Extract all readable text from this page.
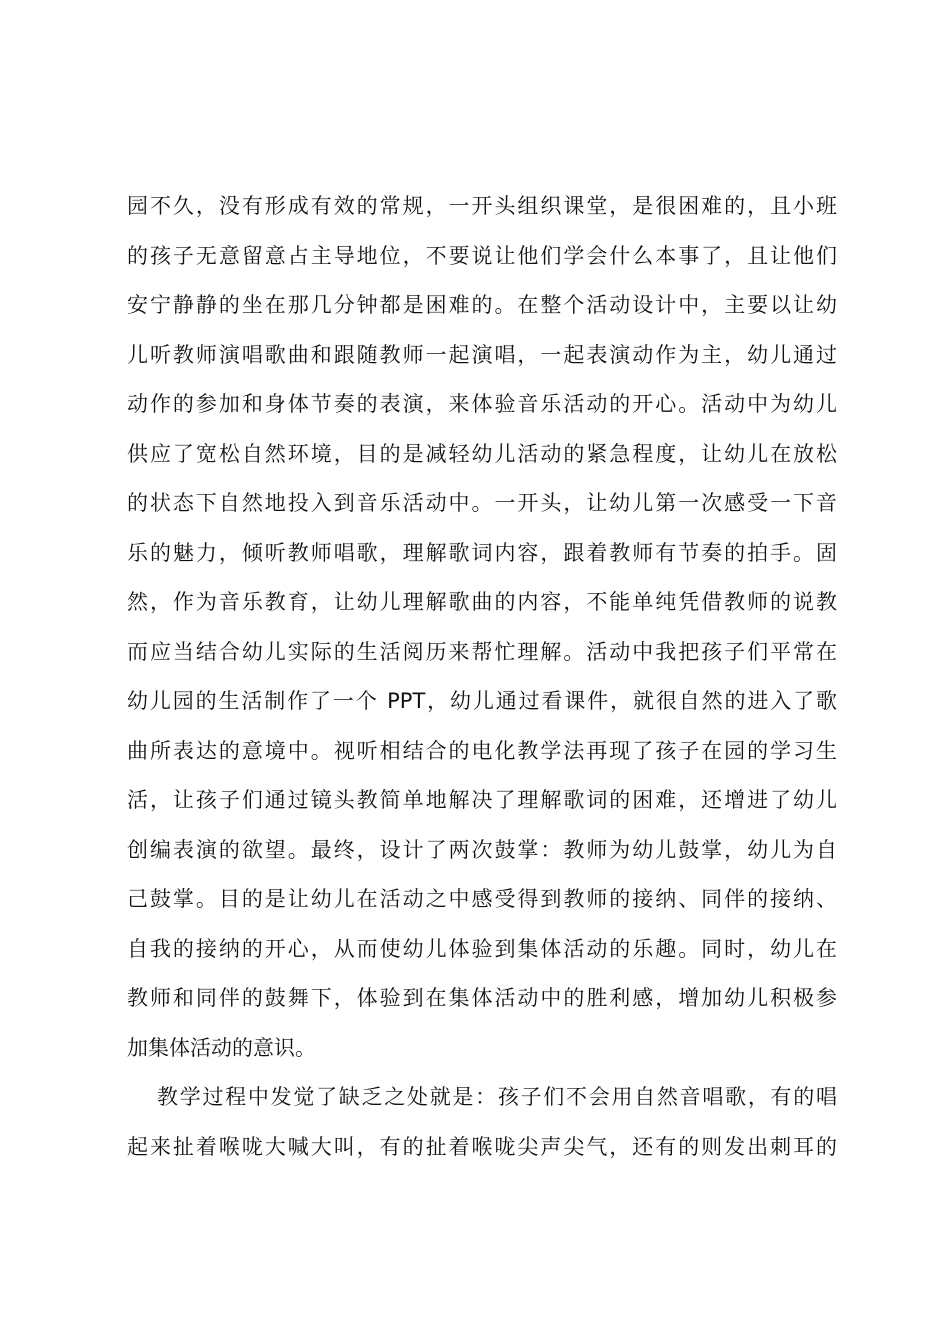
园不久，没有形成有效的常规，一开头组织课堂，是很困难的，且小班
的孩子无意留意占主导地位，不要说让他们学会什么本事了，且让他们
安宁静静的坐在那几分钟都是困难的。在整个活动设计中，主要以让幼
儿听教师演唱歌曲和跟随教师一起演唱，一起表演动作为主，幼儿通过
动作的参加和身体节奏的表演，来体验音乐活动的开心。活动中为幼儿
供应了宽松自然环境，目的是减轻幼儿活动的紧急程度，让幼儿在放松
的状态下自然地投入到音乐活动中。一开头，让幼儿第一次感受一下音
乐的魅力，倾听教师唱歌，理解歌词内容，跟着教师有节奏的拍手。固
然，作为音乐教育，让幼儿理解歌曲的内容，不能单纯凭借教师的说教
而应当结合幼儿实际的生活阅历来帮忙理解。活动中我把孩子们平常在
幼儿园的生活制作了一个 PPT，幼儿通过看课件，就很自然的进入了歌
曲所表达的意境中。视听相结合的电化教学法再现了孩子在园的学习生
活，让孩子们通过镜头教简单地解决了理解歌词的困难，还增进了幼儿
创编表演的欲望。最终，设计了两次鼓掌：教师为幼儿鼓掌，幼儿为自
己鼓掌。目的是让幼儿在活动之中感受得到教师的接纳、同伴的接纳、
自我的接纳的开心，从而使幼儿体验到集体活动的乐趣。同时，幼儿在
教师和同伴的鼓舞下，体验到在集体活动中的胜利感，增加幼儿积极参
加集体活动的意识。
教学过程中发觉了缺乏之处就是：孩子们不会用自然音唱歌，有的唱
起来扯着喉咙大喊大叫，有的扯着喉咙尖声尖气，还有的则发出刺耳的
